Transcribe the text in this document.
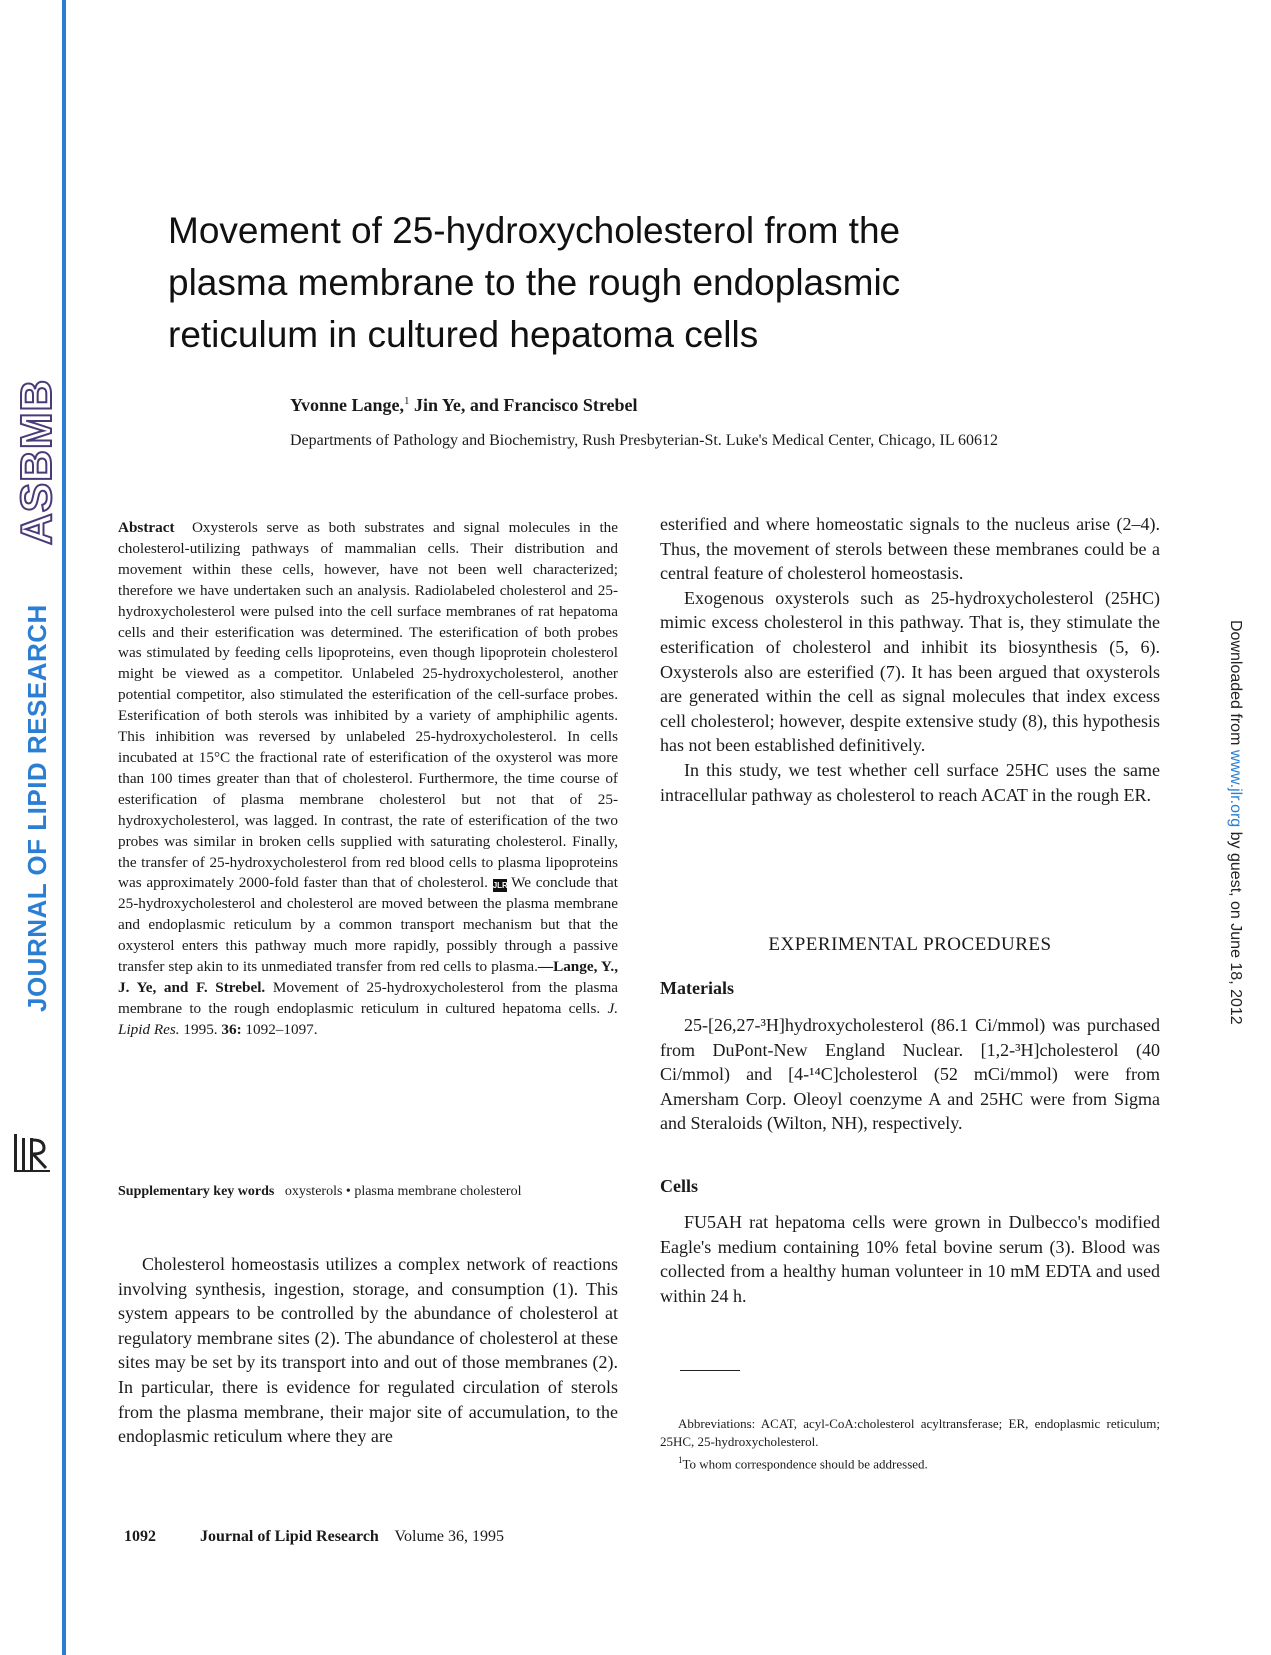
ASBMB
JOURNAL OF LIPID RESEARCH	Downloaded from www.jlr.org by guest, on June 18, 2012
Movement of 25-hydroxycholesterol from the
plasma membrane to the rough endoplasmic
reticulum in cultured hepatoma cells
Yvonne Lange,$^1$ Jin Ye, and Francisco Strebel
Departments of Pathology and Biochemistry, Rush Presbyterian-St. Luke's Medical Center, Chicago, IL 60612

Abstract Oxysterols serve as both substrates and signal molecules in the cholesterol-utilizing pathways of mammalian cells. Their distribution and movement within these cells, however, have not been well characterized; therefore we have undertaken such an analysis. Radiolabeled cholesterol and 25-hydroxycholesterol were pulsed into the cell surface membranes of rat hepatoma cells and their esterification was determined. The esterification of both probes was stimulated by feeding cells lipoproteins, even though lipoprotein cholesterol might be viewed as a competitor. Unlabeled 25-hydroxycholesterol, another potential competitor, also stimulated the esterification of the cell-surface probes. Esterification of both sterols was inhibited by a variety of amphiphilic agents. This inhibition was reversed by unlabeled 25-hydroxycholesterol. In cells incubated at 15°C the fractional rate of esterification of the oxysterol was more than 100 times greater than that of cholesterol. Furthermore, the time course of esterification of plasma membrane cholesterol but not that of 25-hydroxycholesterol, was lagged. In contrast, the rate of esterification of the two probes was similar in broken cells supplied with saturating cholesterol. Finally, the transfer of 25-hydroxycholesterol from red blood cells to plasma lipoproteins was approximately 2000-fold faster than that of cholesterol. JLR We conclude that 25-hydroxycholesterol and cholesterol are moved between the plasma membrane and endoplasmic reticulum by a common transport mechanism but that the oxysterol enters this pathway much more rapidly, possibly through a passive transfer step akin to its unmediated transfer from red cells to plasma.—Lange, Y., J. Ye, and F. Strebel. Movement of 25-hydroxycholesterol from the plasma membrane to the rough endoplasmic reticulum in cultured hepatoma cells. J. Lipid Res. 1995. 36: 1092–1097.

Supplementary key words oxysterols • plasma membrane cholesterol

Cholesterol homeostasis utilizes a complex network of reactions involving synthesis, ingestion, storage, and consumption (1). This system appears to be controlled by the abundance of cholesterol at regulatory membrane sites (2). The abundance of cholesterol at these sites may be set by its transport into and out of those membranes (2). In particular, there is evidence for regulated circulation of sterols from the plasma membrane, their major site of accumulation, to the endoplasmic reticulum where they are

esterified and where homeostatic signals to the nucleus arise (2–4). Thus, the movement of sterols between these membranes could be a central feature of cholesterol homeostasis.

Exogenous oxysterols such as 25-hydroxycholesterol (25HC) mimic excess cholesterol in this pathway. That is, they stimulate the esterification of cholesterol and inhibit its biosynthesis (5, 6). Oxysterols also are esterified (7). It has been argued that oxysterols are generated within the cell as signal molecules that index excess cell cholesterol; however, despite extensive study (8), this hypothesis has not been established definitively.

In this study, we test whether cell surface 25HC uses the same intracellular pathway as cholesterol to reach ACAT in the rough ER.

EXPERIMENTAL PROCEDURES
Materials

25-[26,27-³H]hydroxycholesterol (86.1 Ci/mmol) was purchased from DuPont-New England Nuclear. [1,2-³H]cholesterol (40 Ci/mmol) and [4-¹⁴C]cholesterol (52 mCi/mmol) were from Amersham Corp. Oleoyl coenzyme A and 25HC were from Sigma and Steraloids (Wilton, NH), respectively.

Cells

FU5AH rat hepatoma cells were grown in Dulbecco's modified Eagle's medium containing 10% fetal bovine serum (3). Blood was collected from a healthy human volunteer in 10 mM EDTA and used within 24 h.

Abbreviations: ACAT, acyl-CoA:cholesterol acyltransferase; ER, endoplasmic reticulum; 25HC, 25-hydroxycholesterol.

$^1$To whom correspondence should be addressed.

1092	Journal of Lipid Research Volume 36, 1995
